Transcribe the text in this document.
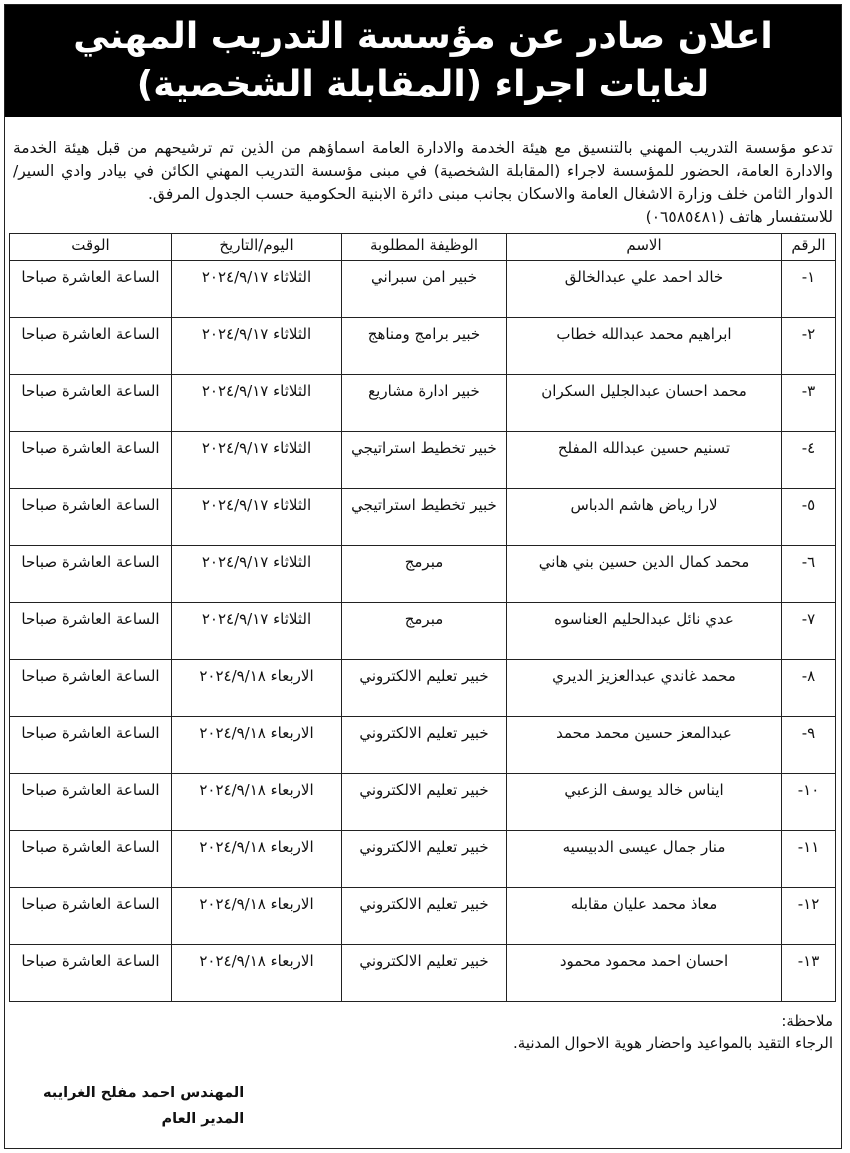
اعلان صادر عن مؤسسة التدريب المهني
لغايات اجراء (المقابلة الشخصية)

تدعو مؤسسة التدريب المهني بالتنسيق مع هيئة الخدمة والادارة العامة اسماؤهم من الذين تم ترشيحهم من قبل هيئة الخدمة والادارة العامة، الحضور للمؤسسة لاجراء (المقابلة الشخصية) في مبنى مؤسسة التدريب المهني الكائن في بيادر وادي السير/الدوار الثامن خلف وزارة الاشغال العامة والاسكان بجانب مبنى دائرة الابنية الحكومية حسب الجدول المرفق.

للاستفسار هاتف (٠٦٥٨٥٤٨١)
الرقم	الاسم	الوظيفة المطلوبة	اليوم/التاريخ	الوقت
١-	خالد احمد علي عبدالخالق	خبير امن سبراني	الثلاثاء ٢٠٢٤/٩/١٧	الساعة العاشرة صباحا
٢-	ابراهيم محمد عبدالله خطاب	خبير برامج ومناهج	الثلاثاء ٢٠٢٤/٩/١٧	الساعة العاشرة صباحا
٣-	محمد احسان عبدالجليل السكران	خبير ادارة مشاريع	الثلاثاء ٢٠٢٤/٩/١٧	الساعة العاشرة صباحا
٤-	تسنيم حسين عبدالله المفلح	خبير تخطيط استراتيجي	الثلاثاء ٢٠٢٤/٩/١٧	الساعة العاشرة صباحا
٥-	لارا رياض هاشم الدباس	خبير تخطيط استراتيجي	الثلاثاء ٢٠٢٤/٩/١٧	الساعة العاشرة صباحا
٦-	محمد كمال الدين حسين بني هاني	مبرمج	الثلاثاء ٢٠٢٤/٩/١٧	الساعة العاشرة صباحا
٧-	عدي نائل عبدالحليم العناسوه	مبرمج	الثلاثاء ٢٠٢٤/٩/١٧	الساعة العاشرة صباحا
٨-	محمد غاندي عبدالعزيز الديري	خبير تعليم الالكتروني	الاربعاء ٢٠٢٤/٩/١٨	الساعة العاشرة صباحا
٩-	عبدالمعز حسين محمد محمد	خبير تعليم الالكتروني	الاربعاء ٢٠٢٤/٩/١٨	الساعة العاشرة صباحا
١٠-	ايناس خالد يوسف الزعبي	خبير تعليم الالكتروني	الاربعاء ٢٠٢٤/٩/١٨	الساعة العاشرة صباحا
١١-	منار جمال عيسى الدبيسيه	خبير تعليم الالكتروني	الاربعاء ٢٠٢٤/٩/١٨	الساعة العاشرة صباحا
١٢-	معاذ محمد عليان مقابله	خبير تعليم الالكتروني	الاربعاء ٢٠٢٤/٩/١٨	الساعة العاشرة صباحا
١٣-	احسان احمد محمود محمود	خبير تعليم الالكتروني	الاربعاء ٢٠٢٤/٩/١٨	الساعة العاشرة صباحا

ملاحظة:

الرجاء التقيد بالمواعيد واحضار هوية الاحوال المدنية.

المهندس احمد مفلح الغرايبه

المدير العام
